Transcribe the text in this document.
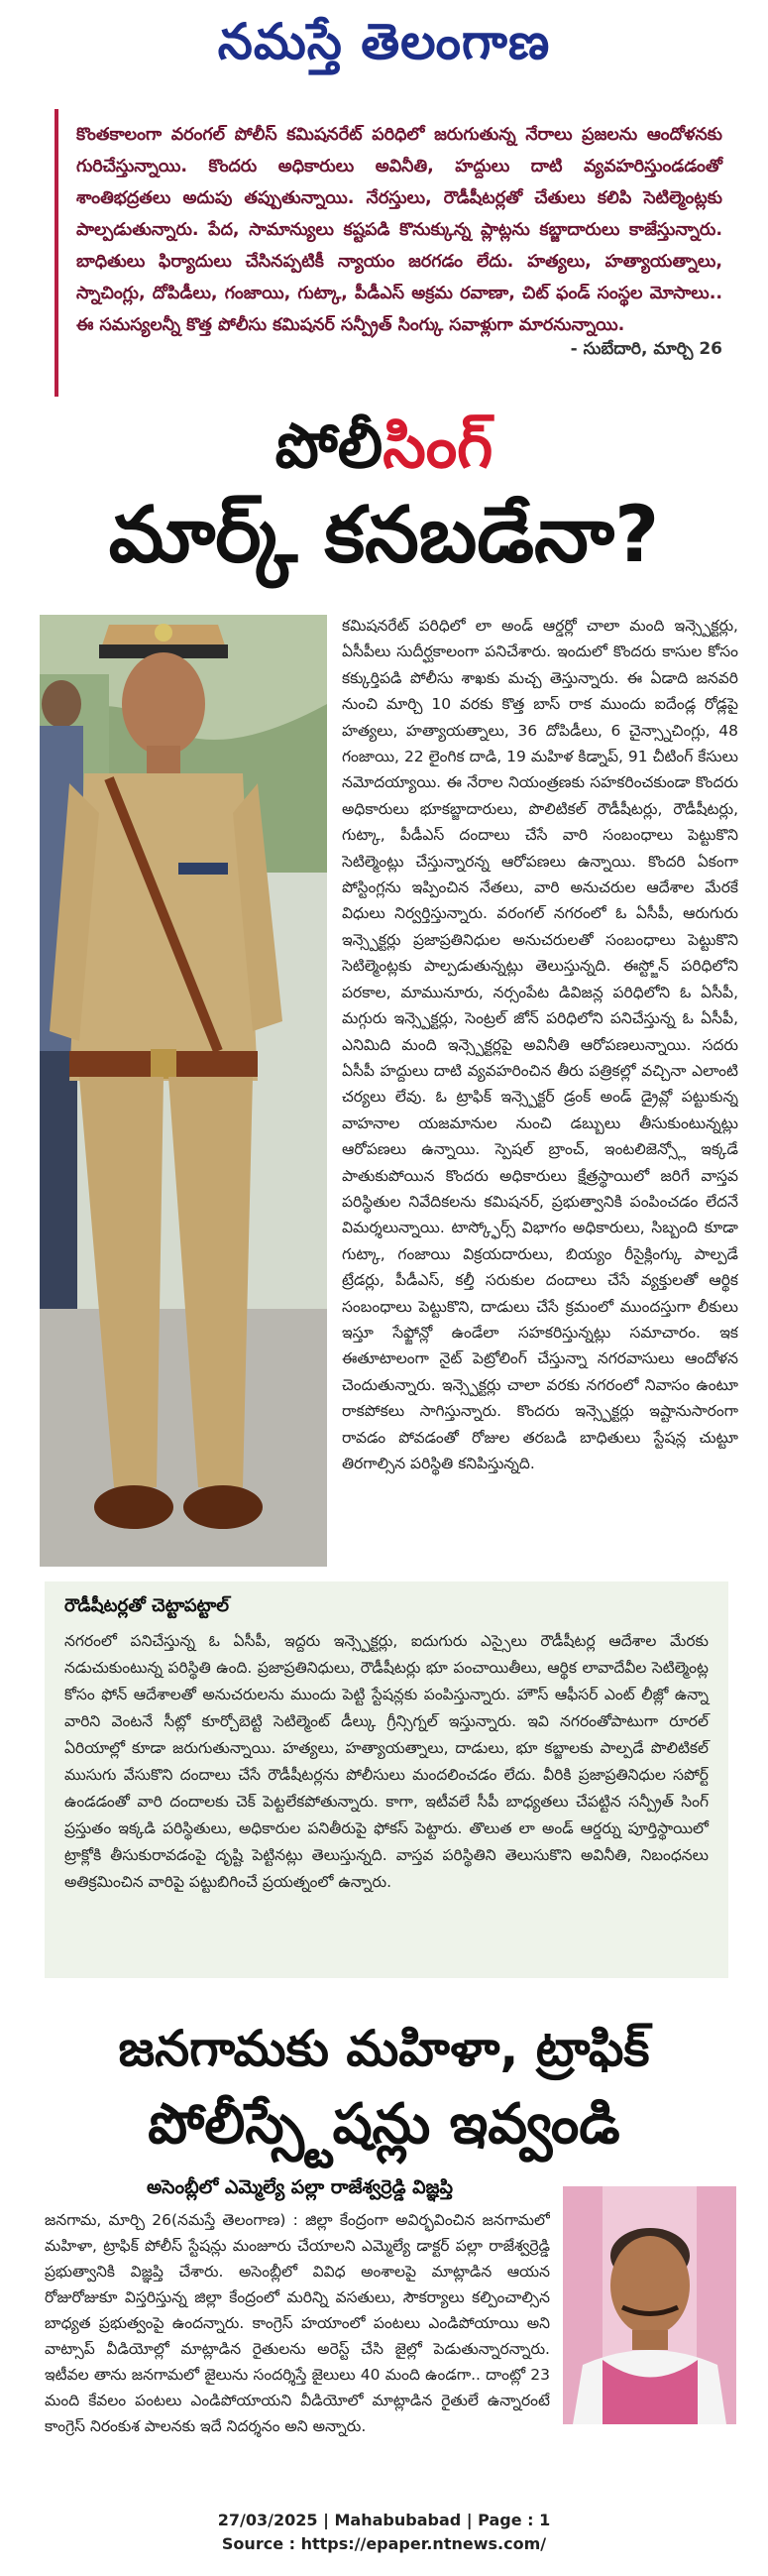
నమస్తే తెలంగాణ

కొంతకాలంగా వరంగల్ పోలీస్ కమిషనరేట్ పరిధిలో జరుగుతున్న నేరాలు ప్రజలను ఆందోళనకు గురిచేస్తున్నాయి. కొందరు అధికారులు అవినీతి, హద్దులు దాటి వ్యవహరిస్తుండడంతో శాంతిభద్రతలు అదుపు తప్పుతున్నాయి. నేరస్తులు, రౌడీషీటర్లతో చేతులు కలిపి సెటిల్మెంట్లకు పాల్పడుతున్నారు. పేద, సామాన్యులు కష్టపడి కొనుక్కున్న ప్లాట్లను కబ్జాదారులు కాజేస్తున్నారు. బాధితులు ఫిర్యాదులు చేసినప్పటికీ న్యాయం జరగడం లేదు. హత్యలు, హత్యాయత్నాలు, స్నాచింగ్లు, దోపిడీలు, గంజాయి, గుట్కా, పీడీఎస్ అక్రమ రవాణా, చిట్ ఫండ్ సంస్థల మోసాలు.. ఈ సమస్యలన్నీ కొత్త పోలీసు కమిషనర్ సన్ప్రీత్ సింగ్కు సవాళ్లుగా మారనున్నాయి.

- సుబేదారి, మార్చి 26

పోలీసింగ్
మార్క్ కనబడేనా?
కమిషనరేట్ పరిధిలో లా అండ్ ఆర్డర్లో చాలా మంది ఇన్స్పెక్టర్లు, ఏసీపీలు సుదీర్ఘకాలంగా పనిచేశారు. ఇందులో కొందరు కాసుల కోసం కక్కుర్తిపడి పోలీసు శాఖకు మచ్చ తెస్తున్నారు. ఈ ఏడాది జనవరి నుంచి మార్చి 10 వరకు కొత్త బాస్ రాక ముందు ఐదేండ్ల రోడ్లపై హత్యలు, హత్యాయత్నాలు, 36 దోపిడీలు, 6 చైన్స్నాచింగ్లు, 48 గంజాయి, 22 లైంగిక దాడి, 19 మహిళ కిడ్నాప్, 91 చీటింగ్ కేసులు నమోదయ్యాయి. ఈ నేరాల నియంత్రణకు సహకరించకుండా కొందరు అధికారులు భూకబ్జాదారులు, పొలిటికల్ రౌడీషీటర్లు, రౌడీషీటర్లు, గుట్కా, పీడీఎస్ దందాలు చేసే వారి సంబంధాలు పెట్టుకొని సెటిల్మెంట్లు చేస్తున్నారన్న ఆరోపణలు ఉన్నాయి. కొందరి ఏకంగా పోస్టింగ్లను ఇప్పించిన నేతలు, వారి అనుచరుల ఆదేశాల మేరకే విధులు నిర్వర్తిస్తున్నారు. వరంగల్ నగరంలో ఓ ఏసీపీ, ఆరుగురు ఇన్స్పెక్టర్లు ప్రజాప్రతినిధుల అనుచరులతో సంబంధాలు పెట్టుకొని సెటిల్మెంట్లకు పాల్పడుతున్నట్లు తెలుస్తున్నది. ఈస్ట్జోన్ పరిధిలోని పరకాల, మామునూరు, నర్సంపేట డివిజన్ల పరిధిలోని ఓ ఏసీపీ, మగ్గురు ఇన్స్పెక్టర్లు, సెంట్రల్ జోన్ పరిధిలోని పనిచేస్తున్న ఓ ఏసీపీ, ఎనిమిది మంది ఇన్స్పెక్టర్లపై అవినీతి ఆరోపణలున్నాయి. సదరు ఏసీపీ హద్దులు దాటి వ్యవహరించిన తీరు పత్రికల్లో వచ్చినా ఎలాంటి చర్యలు లేవు. ఓ ట్రాఫిక్ ఇన్స్పెక్టర్ డ్రంక్ అండ్ డ్రైవ్లో పట్టుకున్న వాహనాల యజమానుల నుంచి డబ్బులు తీసుకుంటున్నట్లు ఆరోపణలు ఉన్నాయి. స్పెషల్ బ్రాంచ్, ఇంటలిజెన్స్లో ఇక్కడే పాతుకుపోయిన కొందరు అధికారులు క్షేత్రస్థాయిలో జరిగే వాస్తవ పరిస్థితుల నివేదికలను కమిషనర్, ప్రభుత్వానికి పంపించడం లేదనే విమర్శలున్నాయి. టాస్క్ఫోర్స్ విభాగం అధికారులు, సిబ్బంది కూడా గుట్కా, గంజాయి విక్రయదారులు, బియ్యం రీసైక్లింగ్కు పాల్పడే ట్రేడర్లు, పీడీఎస్, కల్తీ సరుకుల దందాలు చేసే వ్యక్తులతో ఆర్థిక సంబంధాలు పెట్టుకొని, దాడులు చేసే క్రమంలో ముందస్తుగా లీకులు ఇస్తూ సేఫ్జోన్లో ఉండేలా సహకరిస్తున్నట్లు సమాచారం. ఇక ఈతూటాలంగా నైట్ పెట్రోలింగ్ చేస్తున్నా నగరవాసులు ఆందోళన చెందుతున్నారు. ఇన్స్పెక్టర్లు చాలా వరకు నగరంలో నివాసం ఉంటూ రాకపోకలు సాగిస్తున్నారు. కొందరు ఇన్స్పెక్టర్లు ఇష్టానుసారంగా రావడం పోవడంతో రోజుల తరబడి బాధితులు స్టేషన్ల చుట్టూ తిరగాల్సిన పరిస్థితి కనిపిస్తున్నది.
రౌడీషీటర్లతో చెట్టాపట్టాల్

నగరంలో పనిచేస్తున్న ఓ ఏసీపీ, ఇద్దరు ఇన్స్పెక్టర్లు, ఐదుగురు ఎస్సైలు రౌడీషీటర్ల ఆదేశాల మేరకు నడుచుకుంటున్న పరిస్థితి ఉంది. ప్రజాప్రతినిధులు, రౌడీషీటర్లు భూ పంచాయితీలు, ఆర్థిక లావాదేవీల సెటిల్మెంట్ల కోసం ఫోన్ ఆదేశాలతో అనుచరులను ముందు పెట్టి స్టేషన్లకు పంపిస్తున్నారు. హౌస్ ఆఫీసర్ ఎంట్ లీజ్లో ఉన్నా వారిని వెంటనే సీట్లో కూర్చోబెట్టి సెటిల్మెంట్ డీల్కు గ్రీన్సిగ్నల్ ఇస్తున్నారు. ఇవి నగరంతోపాటుగా రూరల్ ఏరియాల్లో కూడా జరుగుతున్నాయి. హత్యలు, హత్యాయత్నాలు, దాడులు, భూ కబ్జాలకు పాల్పడే పొలిటికల్ ముసుగు వేసుకొని దందాలు చేసే రౌడీషీటర్లను పోలీసులు మందలించడం లేదు. వీరికి ప్రజాప్రతినిధుల సపోర్ట్ ఉండడంతో వారి దందాలకు చెక్ పెట్టలేకపోతున్నారు. కాగా, ఇటీవలే సీపీ బాధ్యతలు చేపట్టిన సన్ప్రీత్ సింగ్ ప్రస్తుతం ఇక్కడి పరిస్థితులు, అధికారుల పనితీరుపై ఫోకస్ పెట్టారు. తొలుత లా అండ్ ఆర్డర్ను పూర్తిస్థాయిలో ట్రాక్లోకి తీసుకురావడంపై దృష్టి పెట్టినట్లు తెలుస్తున్నది. వాస్తవ పరిస్థితిని తెలుసుకొని అవినీతి, నిబంధనలు అతిక్రమించిన వారిపై పట్టుబిగించే ప్రయత్నంలో ఉన్నారు.

జనగామకు మహిళా, ట్రాఫిక్
పోలీస్స్టేషన్లు ఇవ్వండి
అసెంబ్లీలో ఎమ్మెల్యే పల్లా రాజేశ్వర్రెడ్డి విజ్ఞప్తి
జనగామ, మార్చి 26(నమస్తే తెలంగాణ) : జిల్లా కేంద్రంగా అవిర్భవించిన జనగామలో మహిళా, ట్రాఫిక్ పోలీస్ స్టేషన్లు మంజూరు చేయాలని ఎమ్మెల్యే డాక్టర్ పల్లా రాజేశ్వర్రెడ్డి ప్రభుత్వానికి విజ్ఞప్తి చేశారు. అసెంబ్లీలో వివిధ అంశాలపై మాట్లాడిన ఆయన రోజురోజుకూ విస్తరిస్తున్న జిల్లా కేంద్రంలో మరిన్ని వసతులు, సౌకర్యాలు కల్పించాల్సిన బాధ్యత ప్రభుత్వంపై ఉందన్నారు. కాంగ్రెస్ హయాంలో పంటలు ఎండిపోయాయి అని వాట్సాప్ వీడియోల్లో మాట్లాడిన రైతులను అరెస్ట్ చేసి జైల్లో పెడుతున్నారన్నారు. ఇటీవల తాను జనగామలో జైలును సందర్శిస్తే జైలులు 40 మంది ఉండగా.. దాంట్లో 23 మంది కేవలం పంటలు ఎండిపోయాయని వీడియోలో మాట్లాడిన రైతులే ఉన్నారంటే కాంగ్రెస్ నిరంకుశ పాలనకు ఇదే నిదర్శనం అని అన్నారు.
27/03/2025 | Mahabubabad | Page : 1
Source : https://epaper.ntnews.com/
